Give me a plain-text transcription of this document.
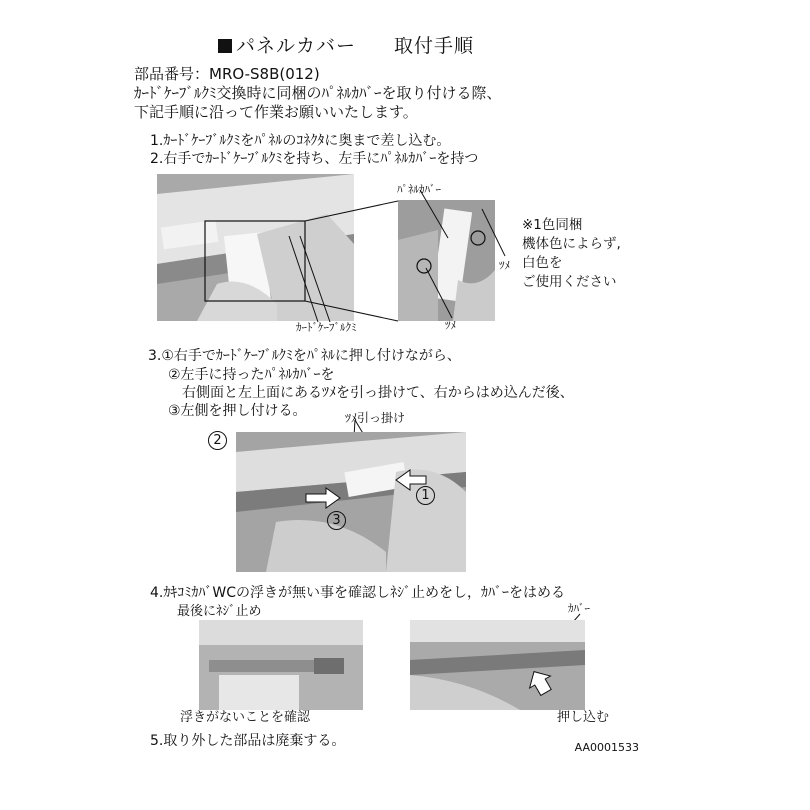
パネルカバー 取付手順
部品番号：MRO-S8B(012)
ｶｰﾄﾞｹｰﾌﾞﾙｸﾐ交換時に同梱のﾊﾟﾈﾙｶﾊﾞｰを取り付ける際、
下記手順に沿って作業お願いいたします。
1.ｶｰﾄﾞｹｰﾌﾞﾙｸﾐをﾊﾟﾈﾙのｺﾈｸﾀに奥まで差し込む。
2.右手でｶｰﾄﾞｹｰﾌﾞﾙｸﾐを持ち、左手にﾊﾟﾈﾙｶﾊﾞｰを持つ
ﾊﾟﾈﾙｶﾊﾞｰ
ﾂﾒ
ﾂﾒ
ｶｰﾄﾞｹｰﾌﾞﾙｸﾐ
※1色同梱
機体色によらず,
白色を
ご使用ください
3.①右手でｶｰﾄﾞｹｰﾌﾞﾙｸﾐをﾊﾟﾈﾙに押し付けながら、
②左手に持ったﾊﾟﾈﾙｶﾊﾞｰを
右側面と左上面にあるﾂﾒを引っ掛けて、右からはめ込んだ後、
③左側を押し付ける。	ﾂﾒ引っ掛け
2
1
3
4.ｶｷｺﾐｶﾊﾞWCの浮きが無い事を確認しﾈｼﾞ止めをし，ｶﾊﾞｰをはめる
最後にﾈｼﾞ止め	ｶﾊﾞｰ
浮きがないことを確認	押し込む
5.取り外した部品は廃棄する。	AA0001533
